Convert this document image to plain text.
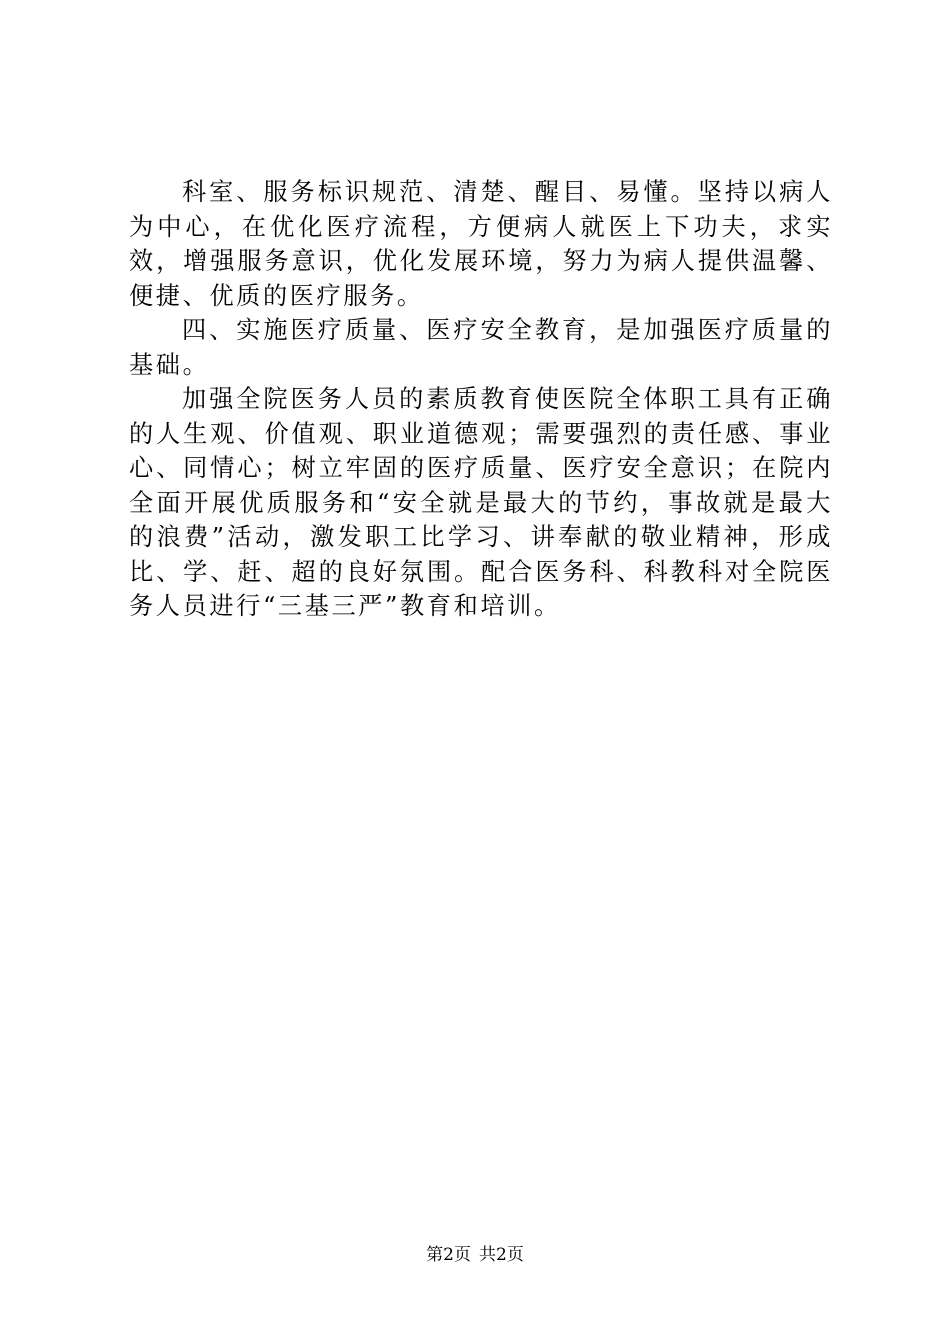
科室、服务标识规范、清楚、醒目、易懂。坚持以病人为中心，在优化医疗流程，方便病人就医上下功夫，求实效，增强服务意识，优化发展环境，努力为病人提供温馨、便捷、优质的医疗服务。

四、实施医疗质量、医疗安全教育，是加强医疗质量的基础。

加强全院医务人员的素质教育使医院全体职工具有正确的人生观、价值观、职业道德观；需要强烈的责任感、事业心、同情心；树立牢固的医疗质量、医疗安全意识；在院内全面开展优质服务和“安全就是最大的节约，事故就是最大的浪费”活动，激发职工比学习、讲奉献的敬业精神，形成比、学、赶、超的良好氛围。配合医务科、科教科对全院医务人员进行“三基三严”教育和培训。

第2页 共2页
